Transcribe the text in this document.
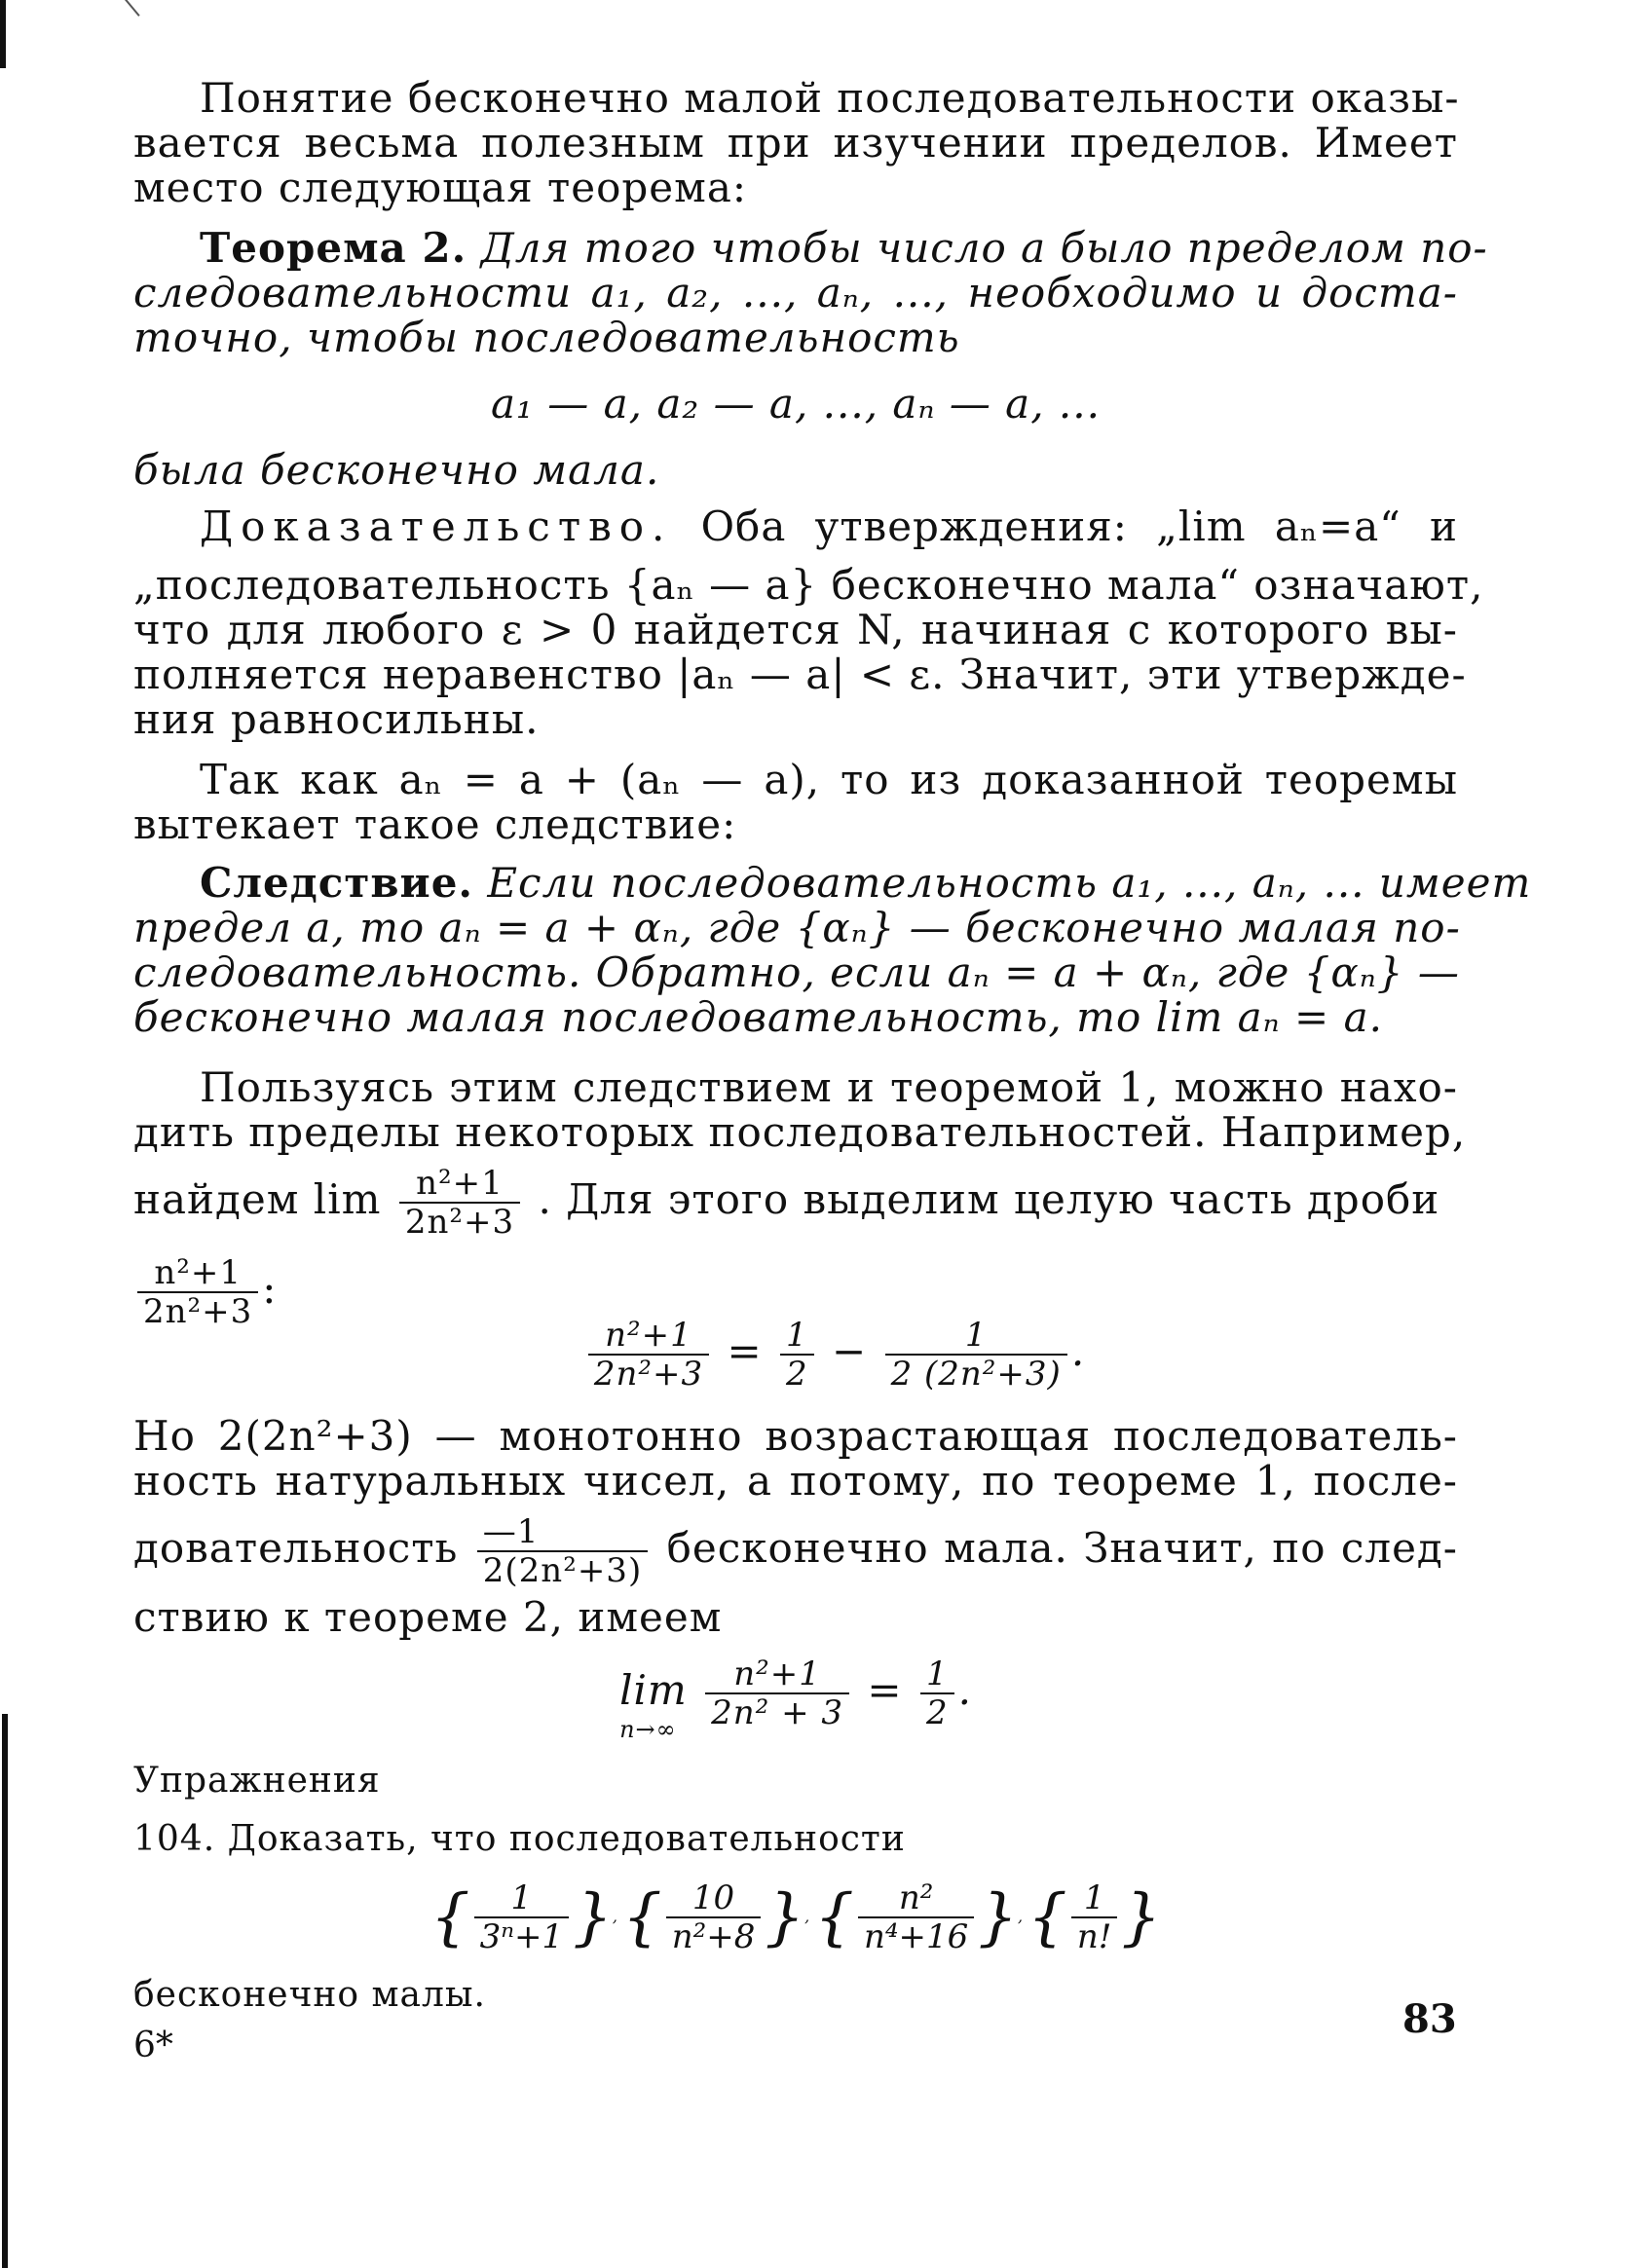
Понятие бесконечно малой последовательности оказы-
вается весьма полезным при изучении пределов. Имеет
место следующая теорема:
Теорема 2. Для того чтобы число a было пределом по-
следовательности a₁, a₂, ..., aₙ, ..., необходимо и доста-
точно, чтобы последовательность
a₁ — a, a₂ — a, ..., aₙ — a, ...
была бесконечно мала.
Доказательство. Оба утверждения: „lim aₙ=a“ и
„последовательность {aₙ — a} бесконечно мала“ означают,
что для любого ε > 0 найдется N, начиная с которого вы-
полняется неравенство |aₙ — a| < ε. Значит, эти утвержде-
ния равносильны.
Так как aₙ = a + (aₙ — a), то из доказанной теоремы
вытекает такое следствие:
Следствие. Если последовательность a₁, ..., aₙ, ... имеет
предел a, то aₙ = a + αₙ, где {αₙ} — бесконечно малая по-
следовательность. Обратно, если aₙ = a + αₙ, где {αₙ} —
бесконечно малая последовательность, то lim aₙ = a.
Пользуясь этим следствием и теоремой 1, можно нахо-
дить пределы некоторых последовательностей. Например,
найдем $\lim \frac{\text{n²+1}}{\text{2n²+3}}$ . Для этого выделим целую часть дроби
$\frac{\text{n²+1}}{\text{2n²+3}}$ :
$\frac{\text{n²+1}}{\text{2n²+3}} = \frac{1}{2} - \frac{1}{\text{2 (2n²+3)}}$ .
Но 2(2n²+3) — монотонно возрастающая последователь-
ность натуральных чисел, а потому, по теореме 1, после-
довательность $\frac{—1}{\text{2(2n²+3)}}$ бесконечно мала. Значит, по след-
ствию к теореме 2, имеем
lim
n→∞
$\frac{\text{n²+1}}{\text{2n² + 3}} = \frac{1}{2}$ .
Упражнения
104. Доказать, что последовательности
{ $\frac{1}{\text{3ⁿ+1}}$ }, { $\frac{10}{\text{n²+8}}$ }, { $\frac{\text{n²}}{\text{n⁴+16}}$ }, { $\frac{1}{n!}$ }
бесконечно малы.
83
6*
